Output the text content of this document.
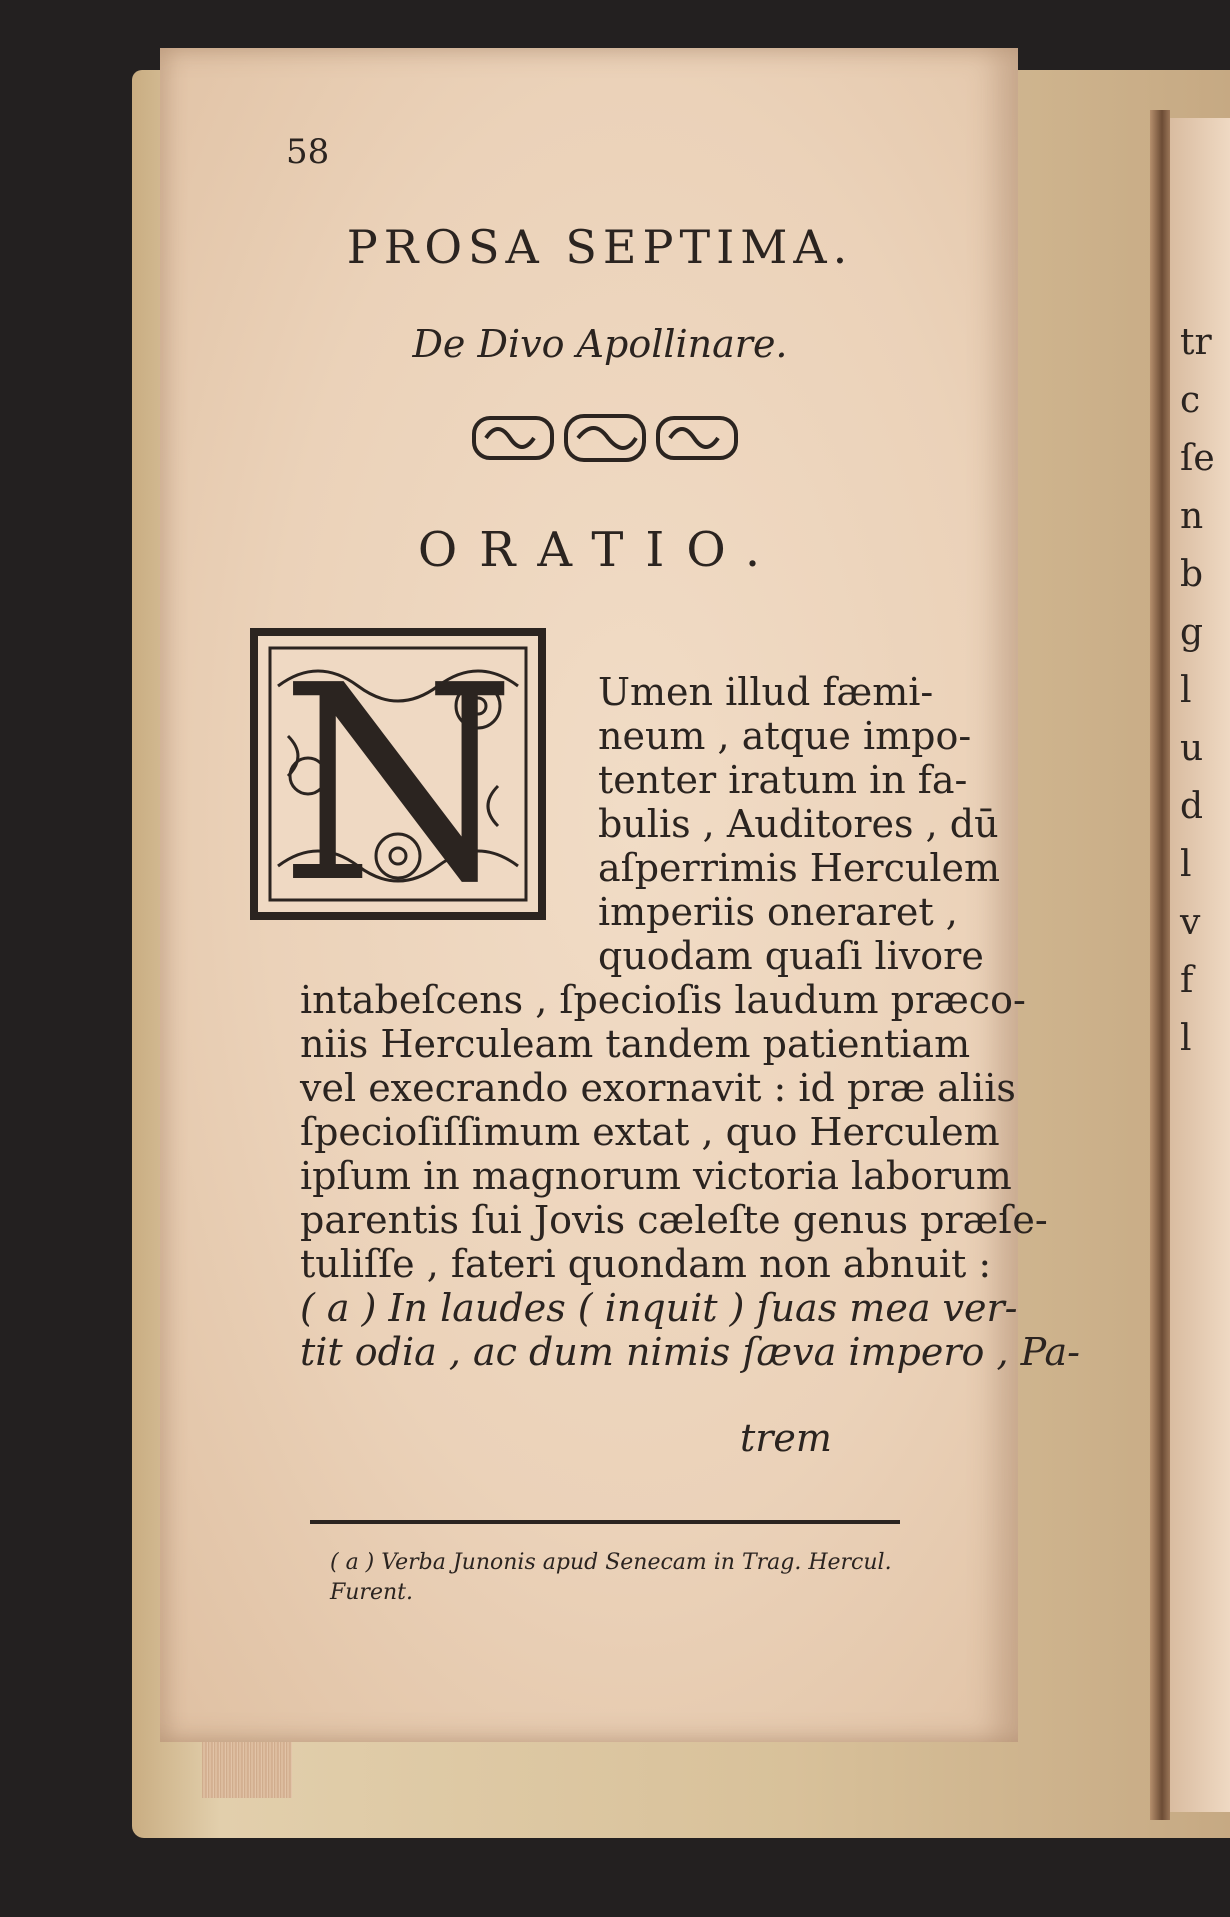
tr
c
ſe
n
b
g
l
u
d
l
v
f
l
58
PROSA SEPTIMA.
De Divo Apollinare.
ORATIO.
N Umen illud fæmi-
neum , atque impo-
tenter iratum in fa-
bulis , Auditores , dū
aſperrimis Herculem
imperiis oneraret ,
quodam quaſi livore
intabeſcens , ſpecioſis laudum præco-
niis Herculeam tandem patientiam
vel execrando exornavit : id præ aliis
ſpecioſiſſimum extat , quo Herculem
ipſum in magnorum victoria laborum
parentis ſui Jovis cæleſte genus præſe-
tuliſſe , fateri quondam non abnuit :
( a ) In laudes ( inquit ) ſuas mea ver-
tit odia , ac dum nimis ſæva impero , Pa-
trem
( a ) Verba Junonis apud Senecam in Trag. Hercul. Furent.
